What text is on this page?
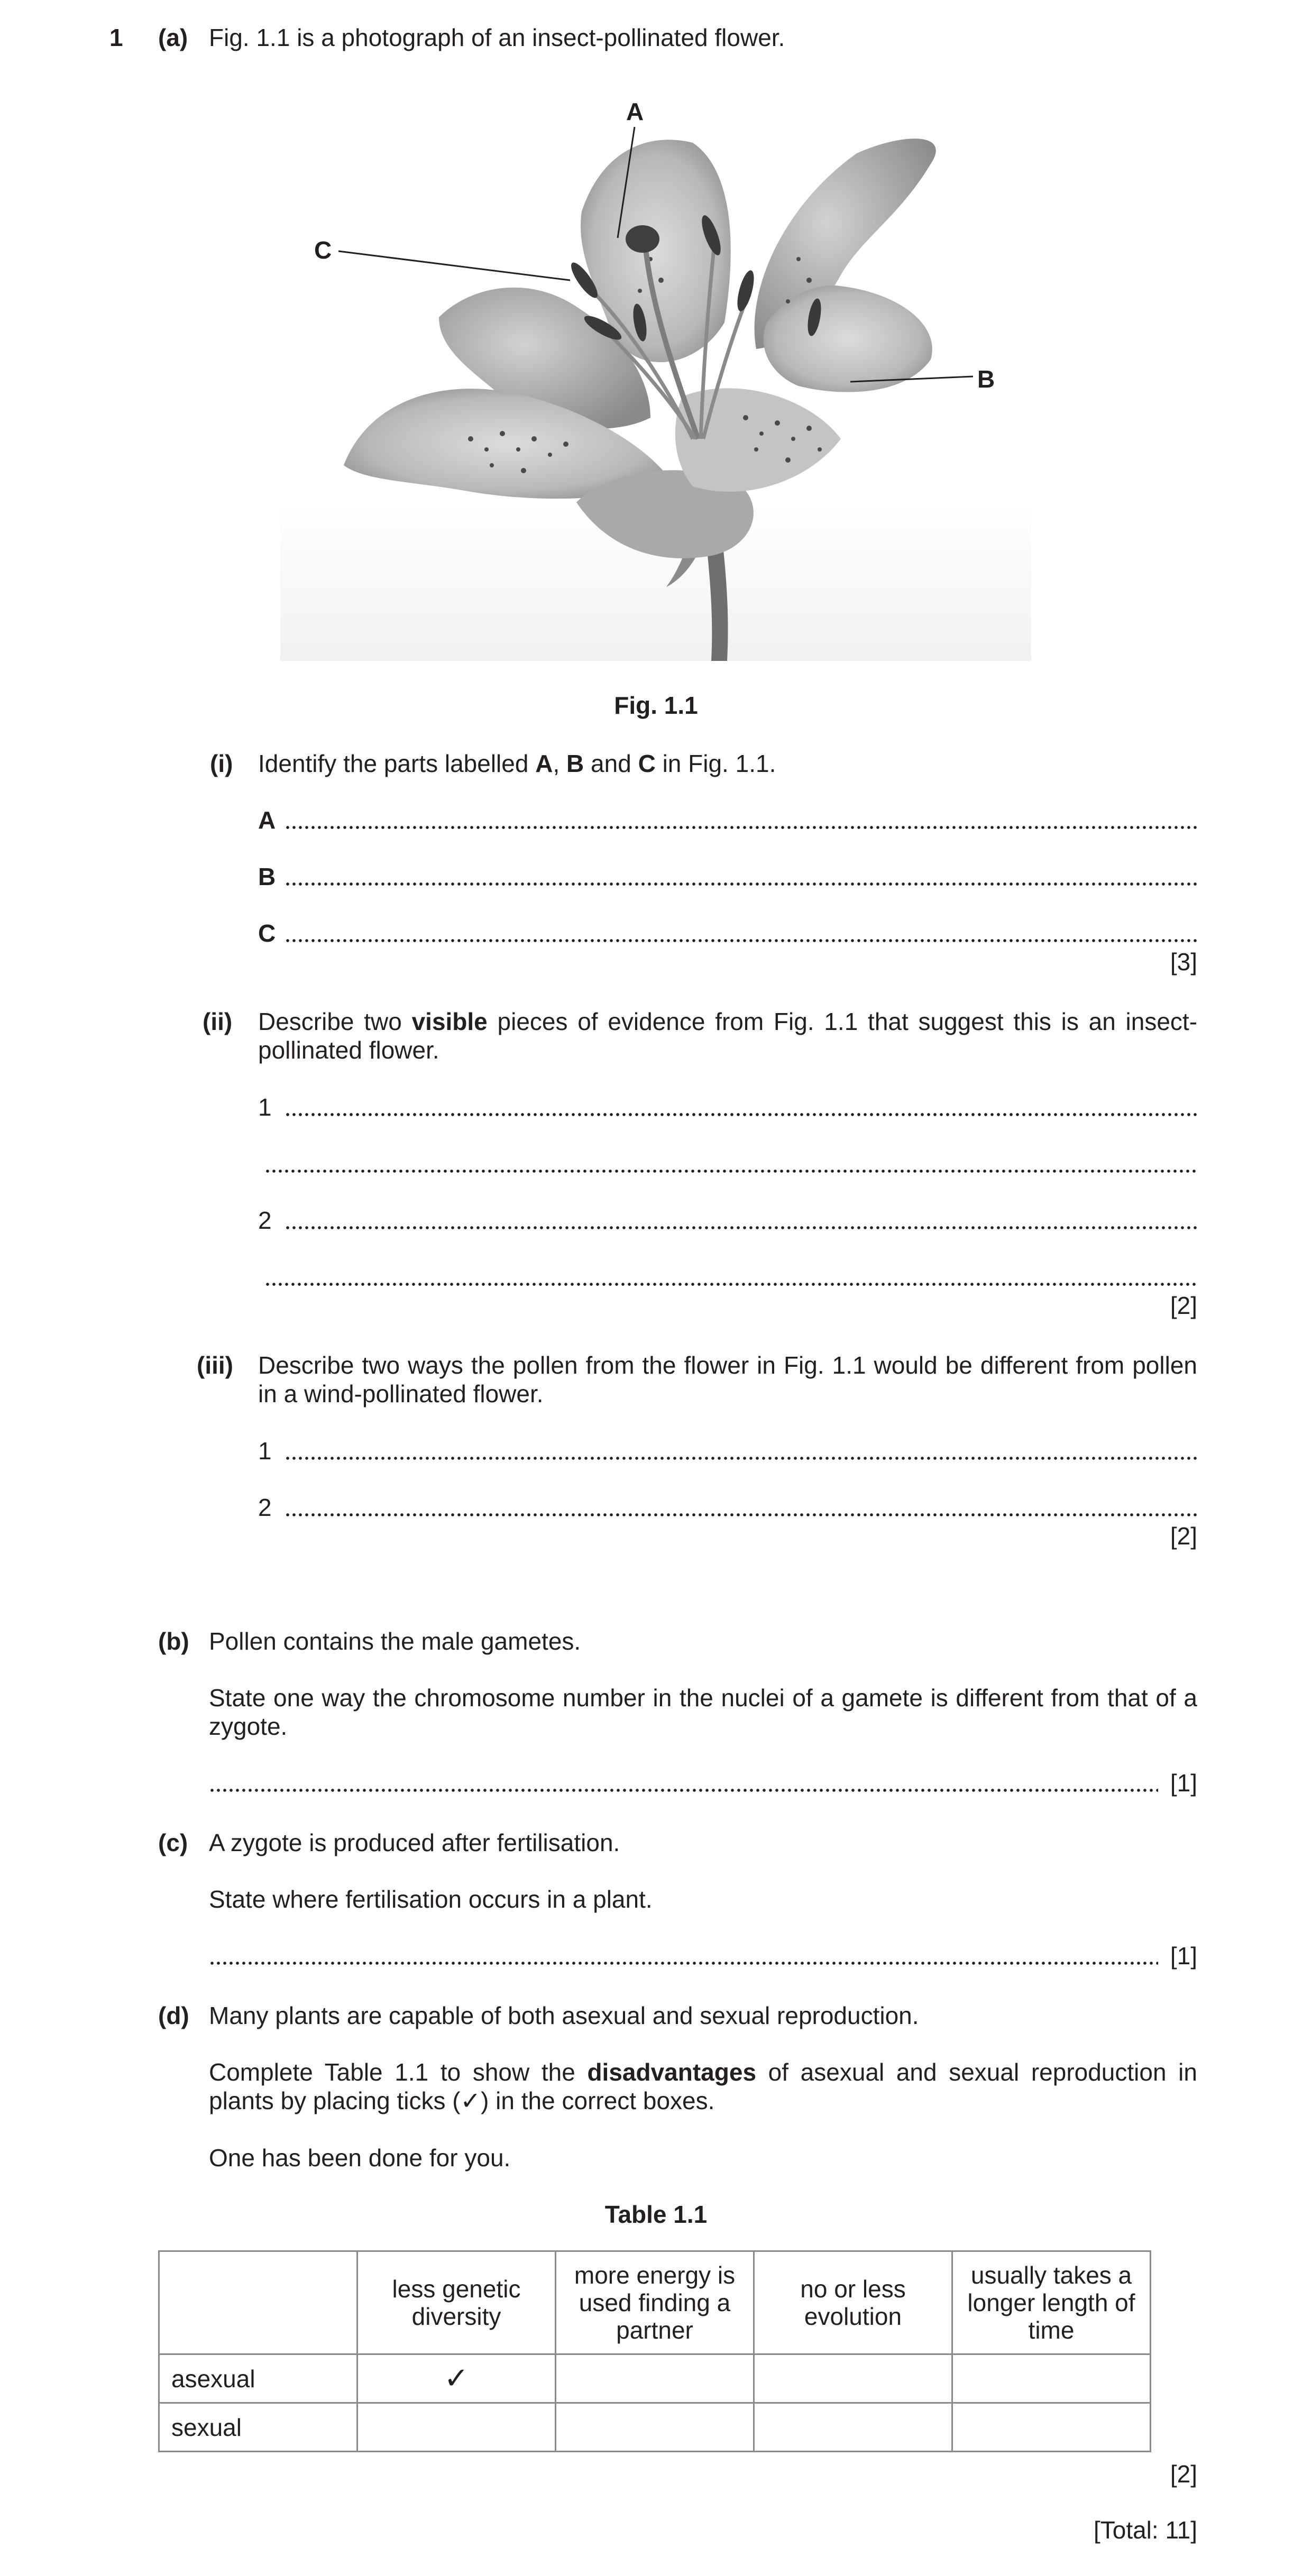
1 (a) Fig. 1.1 is a photograph of an insect-pollinated flower.
A
C
B
Fig. 1.1
(i) Identify the parts labelled A, B and C in Fig. 1.1.
A
B
C
[3]
(ii) Describe two visible pieces of evidence from Fig. 1.1 that suggest this is an insect-pollinated flower.
1
2
[2]
(iii) Describe two ways the pollen from the flower in Fig. 1.1 would be different from pollen in a wind-pollinated flower.
1
2
[2]
(b) Pollen contains the male gametes.
State one way the chromosome number in the nuclei of a gamete is different from that of a zygote.
[1]
(c) A zygote is produced after fertilisation.
State where fertilisation occurs in a plant.
[1]
(d) Many plants are capable of both asexual and sexual reproduction.
Complete Table 1.1 to show the disadvantages of asexual and sexual reproduction in plants by placing ticks (✓) in the correct boxes.
One has been done for you.
Table 1.1
	less genetic diversity	more energy is used finding a partner	no or less evolution	usually takes a longer length of time
asexual	✓			
sexual				
[2]
[Total: 11]
